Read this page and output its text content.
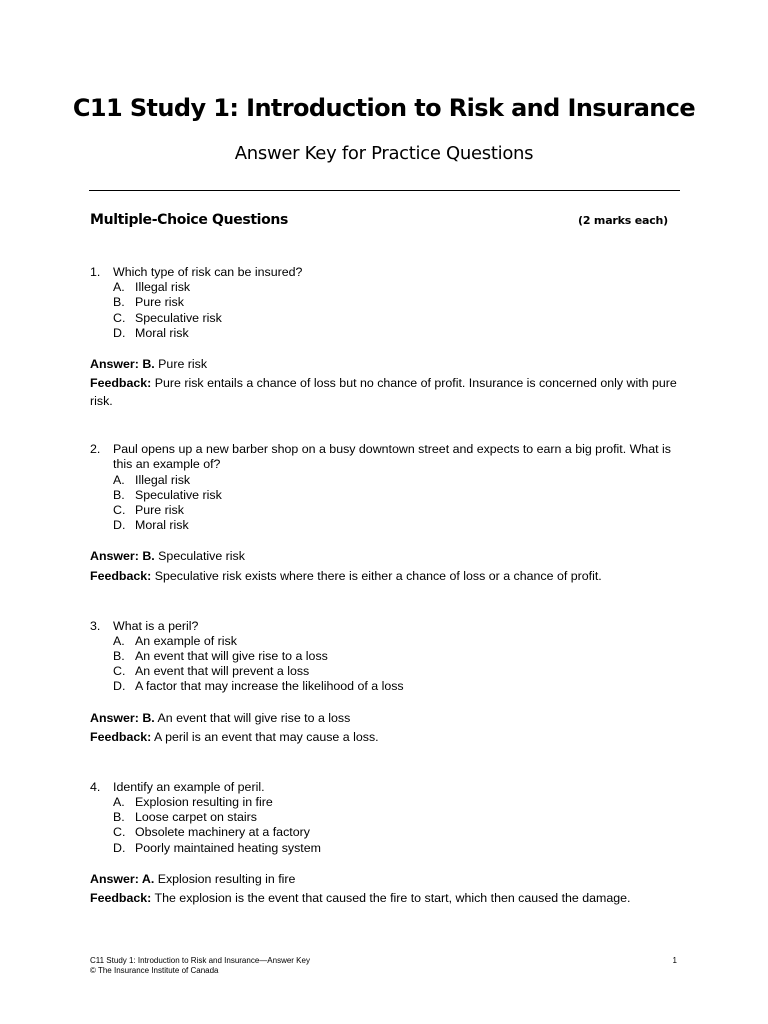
C11 Study 1: Introduction to Risk and Insurance
Answer Key for Practice Questions
Multiple-Choice Questions	(2 marks each)
1.	Which type of risk can be insured?
A. Illegal risk
B. Pure risk
C. Speculative risk
D. Moral risk
Answer: B. Pure risk
Feedback: Pure risk entails a chance of loss but no chance of profit. Insurance is concerned only with pure risk.
2.	Paul opens up a new barber shop on a busy downtown street and expects to earn a big profit. What is this an example of?
A. Illegal risk
B. Speculative risk
C. Pure risk
D. Moral risk
Answer: B. Speculative risk
Feedback: Speculative risk exists where there is either a chance of loss or a chance of profit.
3.	What is a peril?
A. An example of risk
B. An event that will give rise to a loss
C. An event that will prevent a loss
D. A factor that may increase the likelihood of a loss
Answer: B. An event that will give rise to a loss
Feedback: A peril is an event that may cause a loss.
4.	Identify an example of peril.
A. Explosion resulting in fire
B. Loose carpet on stairs
C. Obsolete machinery at a factory
D. Poorly maintained heating system
Answer: A. Explosion resulting in fire
Feedback: The explosion is the event that caused the fire to start, which then caused the damage.
C11 Study 1: Introduction to Risk and Insurance—Answer Key
© The Insurance Institute of Canada
1
